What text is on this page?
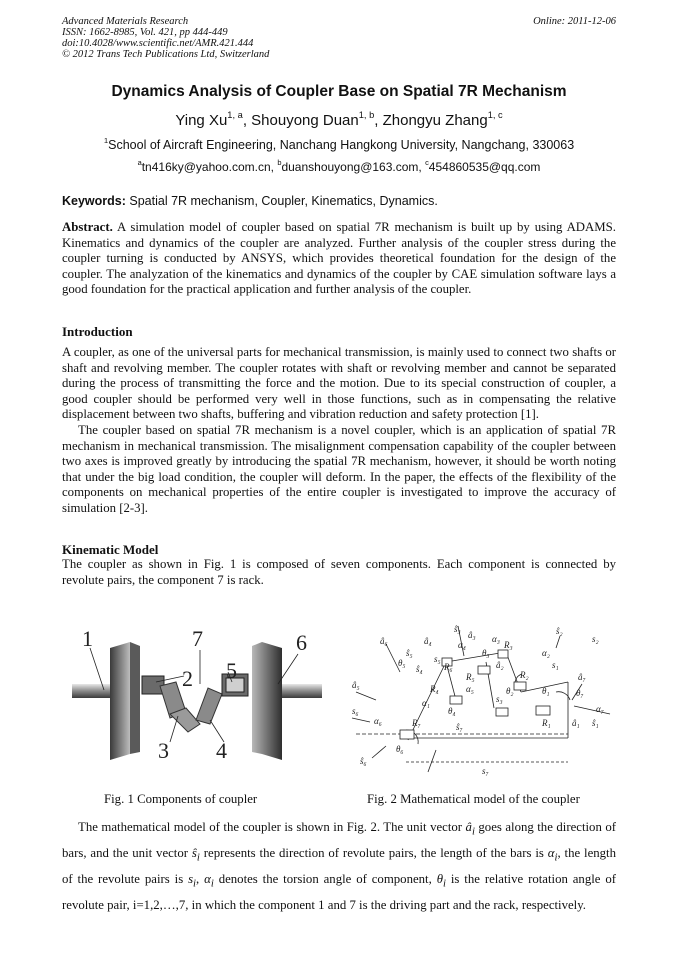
Advanced Materials Research
ISSN: 1662-8985, Vol. 421, pp 444-449
doi:10.4028/www.scientific.net/AMR.421.444
© 2012 Trans Tech Publications Ltd, Switzerland
Online: 2011-12-06
Dynamics Analysis of Coupler Base on Spatial 7R Mechanism
Ying Xu$^{1, a}$, Shouyong Duan$^{1, b}$, Zhongyu Zhang$^{1, c}$
$^1$School of Aircraft Engineering, Nanchang Hangkong University, Nangchang, 330063
$^a$tn416ky@yahoo.com.cn, $^b$duanshouyong@163.com, $^c$454860535@qq.com
Keywords: Spatial 7R mechanism, Coupler, Kinematics, Dynamics.
Abstract. A simulation model of coupler based on spatial 7R mechanism is built up by using ADAMS. Kinematics and dynamics of the coupler are analyzed. Further analysis of the coupler stress during the coupler turning is conducted by ANSYS, which provides theoretical foundation for the design of the coupler. The analyzation of the kinematics and dynamics of the coupler by CAE simulation software lays a good foundation for the practical application and further analysis of the coupler.
Introduction
A coupler, as one of the universal parts for mechanical transmission, is mainly used to connect two shafts or shaft and revolving member. The coupler rotates with shaft or revolving member and cannot be separated during the process of transmitting the force and the motion. Due to its special construction of coupler, a good coupler should be performed very well in those functions, such as in compensating the relative displacement between two shafts, buffering and vibration reduction and safety protection [1].
The coupler based on spatial 7R mechanism is a novel coupler, which is an application of spatial 7R mechanism in mechanical transmission. The misalignment compensation capability of the coupler between two axes is improved greatly by introducing the spatial 7R mechanism, however, it should be worth noting that under the big load condition, the coupler will deform. In the paper, the effects of the flexibility of the components on mechanical properties of the entire coupler is investigated to improve the accuracy of simulation [2-3].
Kinematic Model
The coupler as shown in Fig. 1 is composed of seven components. Each component is connected by revolute pairs, the component 7 is rack.
1
2
3 4
5
6
7	ŝ₃
â₃ α₃
â₂
â₄	α₄
â₆
θ₅
ŝ₄
R₅
R₄
θ₄
â₅
s₆
α₆	R₇
θ₆
ŝ₆
ŝ₇
s₇
R₂
R₃
α₂
ŝ₂
s₁
â₇
R₁
θ₁
α₇
â₁ ŝ₁
s₂
s₃
R₆
ŝ₅
s₅
θ₃
θ₂
α₅
α₁
θ₇
Fig. 1 Components of coupler	Fig. 2 Mathematical model of the coupler
The mathematical model of the coupler is shown in Fig. 2. The unit vector $â_i$ goes along the direction of bars, and the unit vector $ŝ_i$ represents the direction of revolute pairs, the length of the bars is $\alpha_i$, the length of the revolute pairs is $s_i$, $\alpha_i$ denotes the torsion angle of component, $\theta_i$ is the relative rotation angle of revolute pair, i=1,2,…,7, in which the component 1 and 7 is the driving part and the rack, respectively.
